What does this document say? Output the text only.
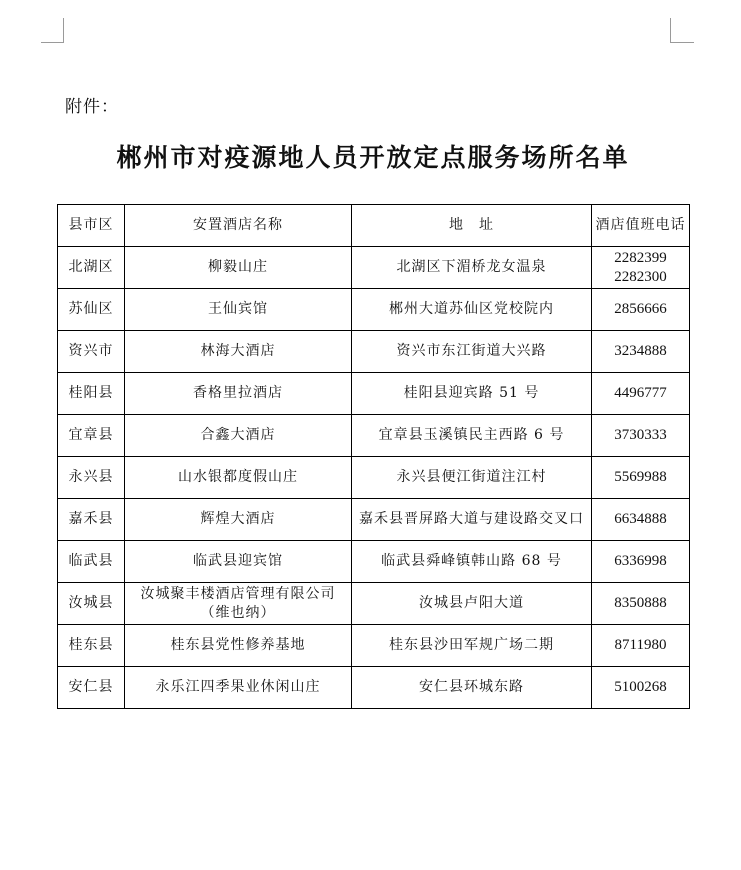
附件：
郴州市对疫源地人员开放定点服务场所名单
县市区	安置酒店名称	地　址	酒店值班电话
北湖区	柳毅山庄	北湖区下湄桥龙女温泉	2282399
2282300

苏仙区	王仙宾馆	郴州大道苏仙区党校院内	2856666

资兴市	林海大酒店	资兴市东江街道大兴路	3234888

桂阳县	香格里拉酒店	桂阳县迎宾路 51 号	4496777

宜章县	合鑫大酒店	宜章县玉溪镇民主西路 6 号	3730333

永兴县	山水银都度假山庄	永兴县便江街道注江村	5569988

嘉禾县	辉煌大酒店	嘉禾县晋屏路大道与建设路交叉口	6634888

临武县	临武县迎宾馆	临武县舜峰镇韩山路 68 号	6336998

汝城县	汝城聚丰楼酒店管理有限公司（维也纳）	汝城县卢阳大道	8350888

桂东县	桂东县党性修养基地	桂东县沙田军规广场二期	8711980

安仁县	永乐江四季果业休闲山庄	安仁县环城东路	5100268
